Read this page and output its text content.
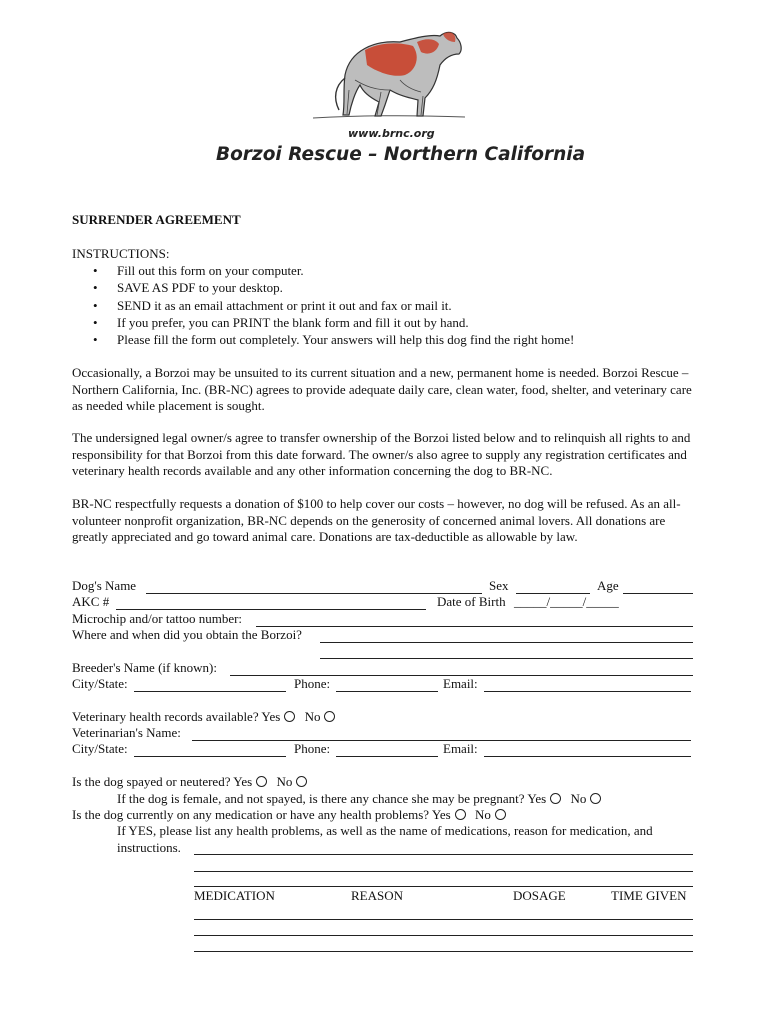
www.brnc.org
Borzoi Rescue – Northern California
SURRENDER AGREEMENT
INSTRUCTIONS:
• Fill out this form on your computer.
• SAVE AS PDF to your desktop.
• SEND it as an email attachment or print it out and fax or mail it.
• If you prefer, you can PRINT the blank form and fill it out by hand.
• Please fill the form out completely. Your answers will help this dog find the right home!
Occasionally, a Borzoi may be unsuited to its current situation and a new, permanent home is needed. Borzoi Rescue – Northern California, Inc. (BR-NC) agrees to provide adequate daily care, clean water, food, shelter, and veterinary care as needed while placement is sought.
The undersigned legal owner/s agree to transfer ownership of the Borzoi listed below and to relinquish all rights to and responsibility for that Borzoi from this date forward. The owner/s also agree to supply any registration certificates and veterinary health records available and any other information concerning the dog to BR-NC.
BR-NC respectfully requests a donation of $100 to help cover our costs – however, no dog will be refused. As an all-volunteer nonprofit organization, BR-NC depends on the generosity of concerned animal lovers. All donations are greatly appreciated and go toward animal care. Donations are tax-deductible as allowable by law.
Dog's Name	Sex	Age
AKC #	Date of Birth _____/_____/_____
Microchip and/or tattoo number:
Where and when did you obtain the Borzoi?
Breeder's Name (if known):
City/State:	Phone:	Email:
Veterinary health records available? Yes No
Veterinarian's Name:
City/State:	Phone:	Email:
Is the dog spayed or neutered? Yes No
If the dog is female, and not spayed, is there any chance she may be pregnant? Yes No
Is the dog currently on any medication or have any health problems? Yes No
If YES, please list any health problems, as well as the name of medications, reason for medication, and
instructions.
MEDICATION	REASON	DOSAGE	TIME GIVEN
